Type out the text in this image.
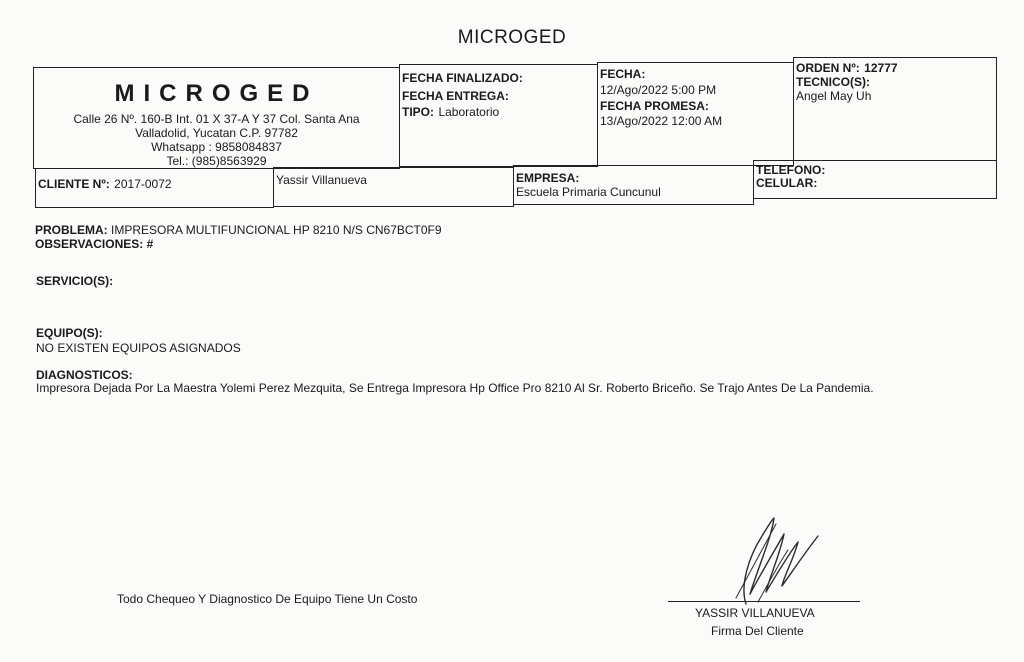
MICROGED
MICROGED
Calle 26 Nº. 160-B Int. 01 X 37-A Y 37 Col. Santa Ana
Valladolid, Yucatan C.P. 97782
Whatsapp : 9858084837
Tel.: (985)8563929
FECHA FINALIZADO:
FECHA ENTREGA:
TIPO: Laboratorio
FECHA:
12/Ago/2022 5:00 PM
FECHA PROMESA:
13/Ago/2022 12:00 AM
ORDEN Nº: 12777
TECNICO(S):
Angel May Uh
CLIENTE Nº: 2017-0072	Yassir Villanueva	EMPRESA:
Escuela Primaria Cuncunul
TELEFONO:
CELULAR:
PROBLEMA: IMPRESORA MULTIFUNCIONAL HP 8210 N/S CN67BCT0F9
OBSERVACIONES: #
SERVICIO(S):
EQUIPO(S):
NO EXISTEN EQUIPOS ASIGNADOS
DIAGNOSTICOS:
Impresora Dejada Por La Maestra Yolemi Perez Mezquita, Se Entrega Impresora Hp Office Pro 8210 Al Sr. Roberto Briceño. Se Trajo Antes De La Pandemia.
Todo Chequeo Y Diagnostico De Equipo Tiene Un Costo
YASSIR VILLANUEVA
Firma Del Cliente
